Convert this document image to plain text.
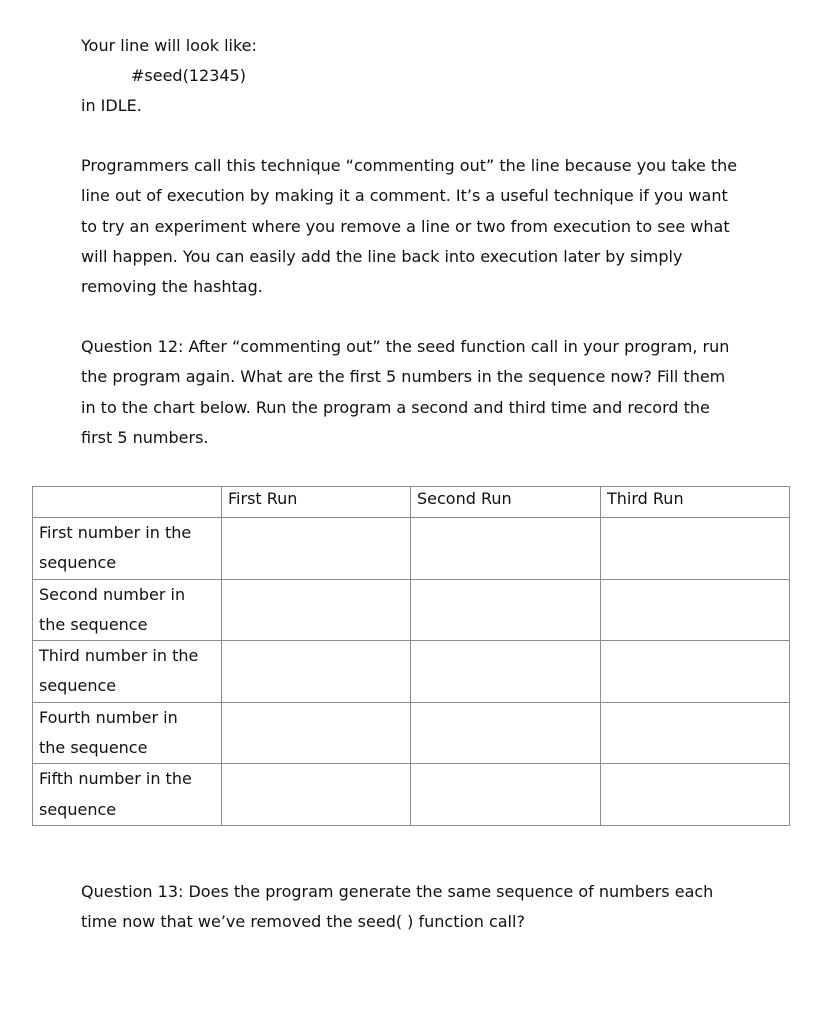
Your line will look like:

#seed(12345)

in IDLE.

Programmers call this technique “commenting out” the line because you take the
line out of execution by making it a comment. It’s a useful technique if you want
to try an experiment where you remove a line or two from execution to see what
will happen. You can easily add the line back into execution later by simply
removing the hashtag.
Question 12: After “commenting out” the seed function call in your program, run
the program again. What are the first 5 numbers in the sequence now? Fill them
in to the chart below. Run the program a second and third time and record the
first 5 numbers.
	First Run	Second Run	Third Run

First number in the
sequence			

Second number in
the sequence			

Third number in the
sequence			

Fourth number in
the sequence			

Fifth number in the
sequence			

Question 13: Does the program generate the same sequence of numbers each
time now that we’ve removed the seed( ) function call?
